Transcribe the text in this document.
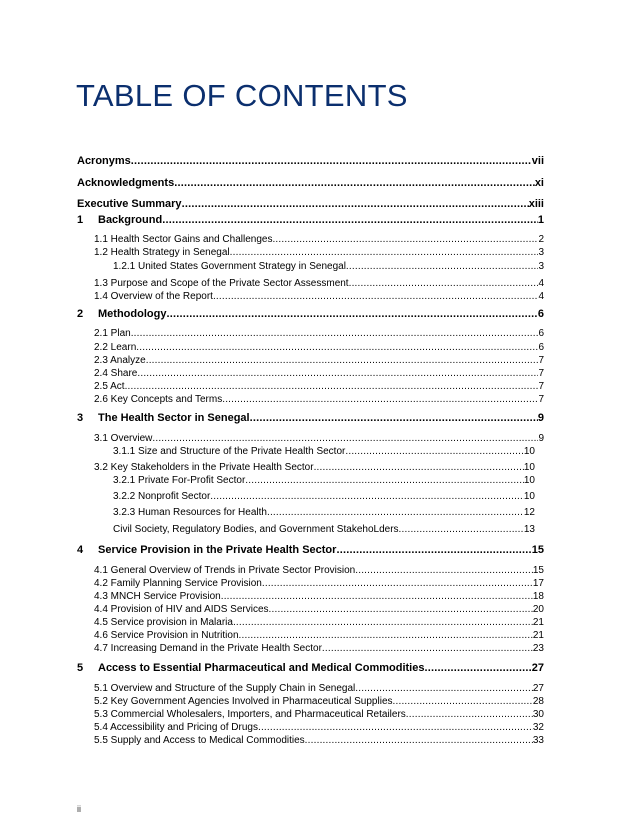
TABLE OF CONTENTS
Acronyms .....	vii
Acknowledgments .....	xi
Executive Summary .....	xiii
1	Background .....	1
1.1 Health Sector Gains and Challenges .....	2
1.2 Health Strategy in Senegal .....	3
1.2.1 United States Government Strategy in Senegal .....	3
1.3 Purpose and Scope of the Private Sector Assessment .....	4
1.4 Overview of the Report .....	4
2	Methodology .....	6
2.1 Plan .....	6
2.2 Learn .....	6
2.3 Analyze .....	7
2.4 Share .....	7
2.5 Act .....	7
2.6 Key Concepts and Terms .....	7
3	The Health Sector in Senegal .....	9
3.1 Overview .....	9
3.1.1 Size and Structure of the Private Health Sector .....	10
3.2 Key Stakeholders in the Private Health Sector .....	10
3.2.1 Private For-Profit Sector .....	10
3.2.2 Nonprofit Sector .....	10
3.2.3 Human Resources for Health .....	12
Civil Society, Regulatory Bodies, and Government StakehoLders .....	13
4	Service Provision in the Private Health Sector .....	15
4.1 General Overview of Trends in Private Sector Provision .....	15
4.2 Family Planning Service Provision .....	17
4.3 MNCH Service Provision .....	18
4.4 Provision of HIV and AIDS Services .....	20
4.5 Service provision in Malaria .....	21
4.6 Service Provision in Nutrition .....	21
4.7 Increasing Demand in the Private Health Sector .....	23
5	Access to Essential Pharmaceutical and Medical Commodities .....	27
5.1 Overview and Structure of the Supply Chain in Senegal .....	27
5.2 Key Government Agencies Involved in Pharmaceutical Supplies .....	28
5.3 Commercial Wholesalers, Importers, and Pharmaceutical Retailers .....	30
5.4 Accessibility and Pricing of Drugs .....	32
5.5 Supply and Access to Medical Commodities .....	33
ii
